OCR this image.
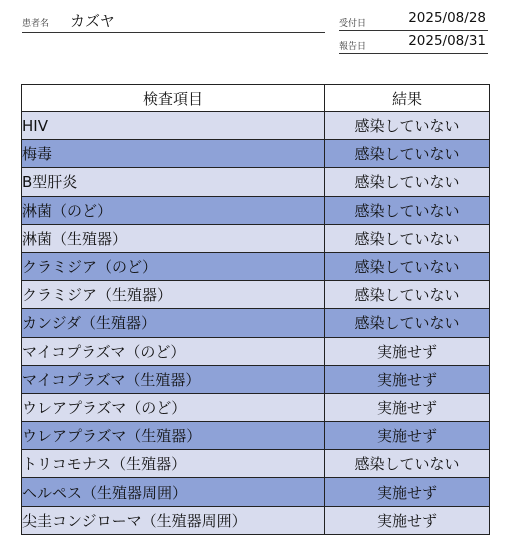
患者名 カズヤ	受付日	2025/08/28
報告日	2025/08/31
検査項目	結果
HIV	感染していない
梅毒	感染していない
B型肝炎	感染していない
淋菌（のど）	感染していない
淋菌（生殖器）	感染していない
クラミジア（のど）	感染していない
クラミジア（生殖器）	感染していない
カンジダ（生殖器）	感染していない
マイコプラズマ（のど）	実施せず
マイコプラズマ（生殖器）	実施せず
ウレアプラズマ（のど）	実施せず
ウレアプラズマ（生殖器）	実施せず
トリコモナス（生殖器）	感染していない
ヘルペス（生殖器周囲）	実施せず
尖圭コンジローマ（生殖器周囲）	実施せず
